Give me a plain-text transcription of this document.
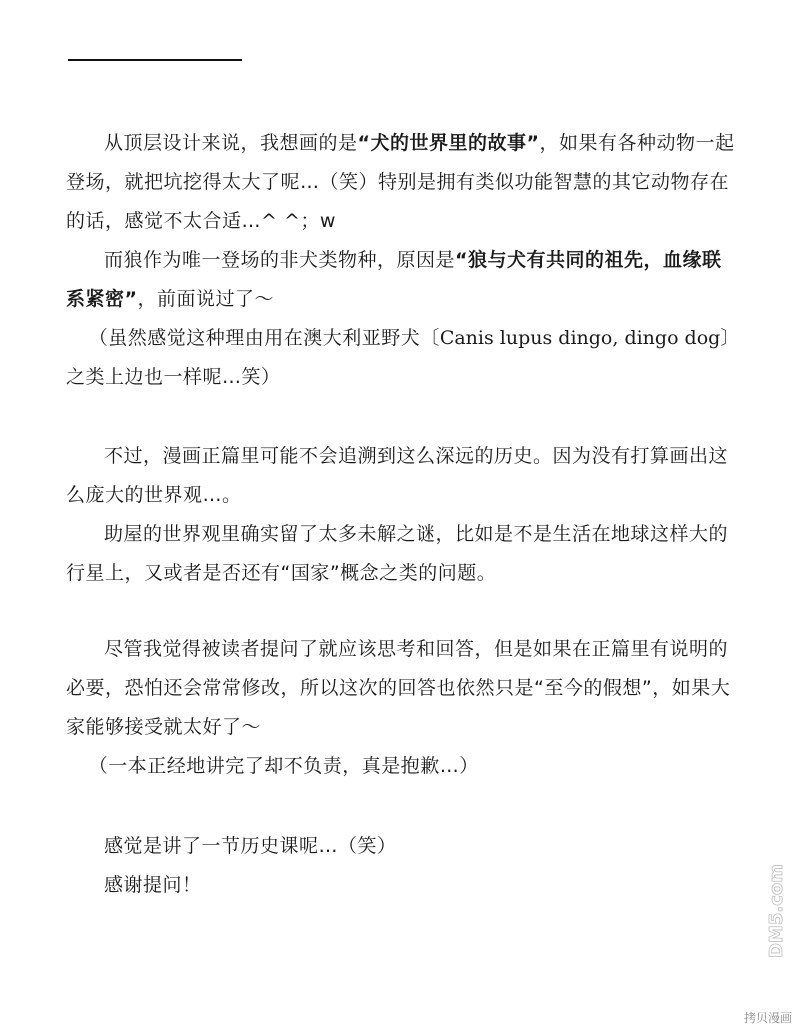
从顶层设计来说，我想画的是“犬的世界里的故事”，如果有各种动物一起登场，就把坑挖得太大了呢…（笑）特别是拥有类似功能智慧的其它动物存在的话，感觉不太合适…^ ^；w

而狼作为唯一登场的非犬类物种，原因是“狼与犬有共同的祖先，血缘联系紧密”，前面说过了～

（虽然感觉这种理由用在澳大利亚野犬〔Canis lupus dingo, dingo dog〕之类上边也一样呢…笑）

不过，漫画正篇里可能不会追溯到这么深远的历史。因为没有打算画出这么庞大的世界观…。

助屋的世界观里确实留了太多未解之谜，比如是不是生活在地球这样大的行星上，又或者是否还有“国家”概念之类的问题。

尽管我觉得被读者提问了就应该思考和回答，但是如果在正篇里有说明的必要，恐怕还会常常修改，所以这次的回答也依然只是“至今的假想”，如果大家能够接受就太好了～

（一本正经地讲完了却不负责，真是抱歉…）

感觉是讲了一节历史课呢…（笑）

感谢提问！	DM5.com
拷贝漫画
